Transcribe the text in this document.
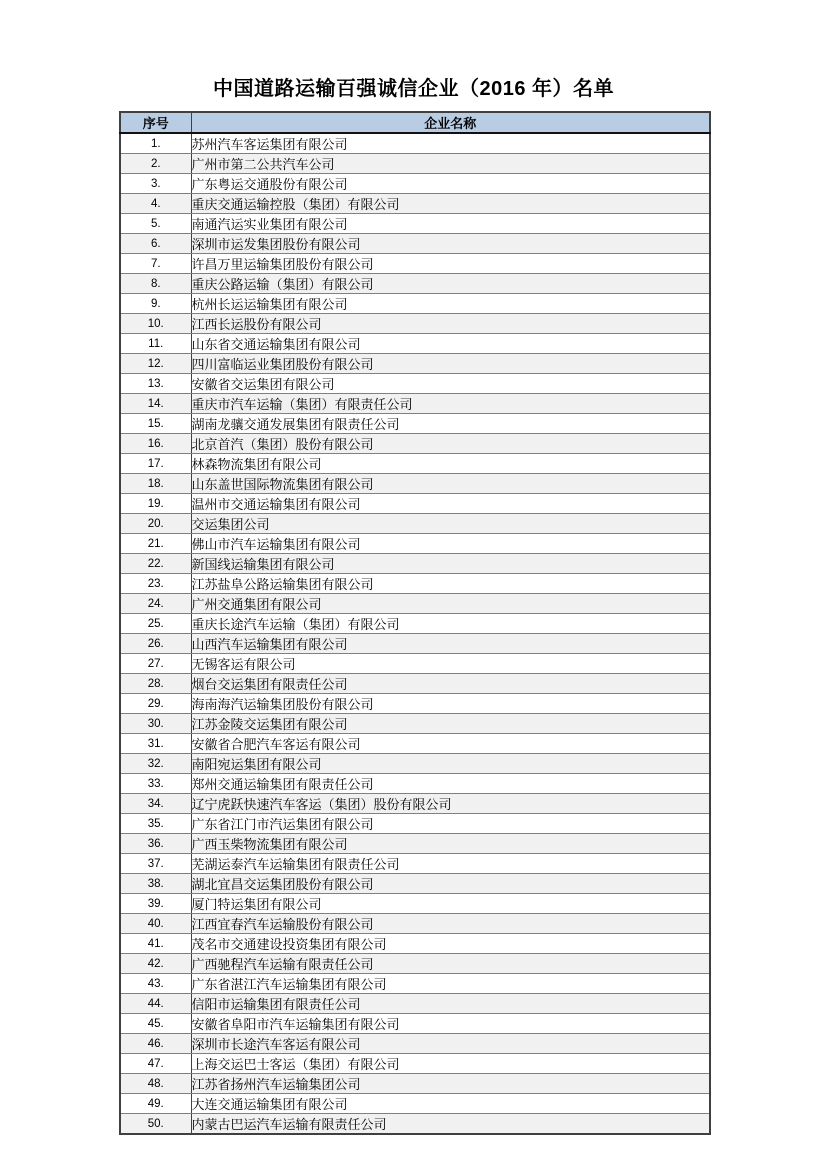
中国道路运输百强诚信企业（2016 年）名单
序号	企业名称
1.	苏州汽车客运集团有限公司
2.	广州市第二公共汽车公司
3.	广东粤运交通股份有限公司
4.	重庆交通运输控股（集团）有限公司
5.	南通汽运实业集团有限公司
6.	深圳市运发集团股份有限公司
7.	许昌万里运输集团股份有限公司
8.	重庆公路运输（集团）有限公司
9.	杭州长运运输集团有限公司
10.	江西长运股份有限公司
11.	山东省交通运输集团有限公司
12.	四川富临运业集团股份有限公司
13.	安徽省交运集团有限公司
14.	重庆市汽车运输（集团）有限责任公司
15.	湖南龙骧交通发展集团有限责任公司
16.	北京首汽（集团）股份有限公司
17.	林森物流集团有限公司
18.	山东盖世国际物流集团有限公司
19.	温州市交通运输集团有限公司
20.	交运集团公司
21.	佛山市汽车运输集团有限公司
22.	新国线运输集团有限公司
23.	江苏盐阜公路运输集团有限公司
24.	广州交通集团有限公司
25.	重庆长途汽车运输（集团）有限公司
26.	山西汽车运输集团有限公司
27.	无锡客运有限公司
28.	烟台交运集团有限责任公司
29.	海南海汽运输集团股份有限公司
30.	江苏金陵交运集团有限公司
31.	安徽省合肥汽车客运有限公司
32.	南阳宛运集团有限公司
33.	郑州交通运输集团有限责任公司
34.	辽宁虎跃快速汽车客运（集团）股份有限公司
35.	广东省江门市汽运集团有限公司
36.	广西玉柴物流集团有限公司
37.	芜湖运泰汽车运输集团有限责任公司
38.	湖北宜昌交运集团股份有限公司
39.	厦门特运集团有限公司
40.	江西宜春汽车运输股份有限公司
41.	茂名市交通建设投资集团有限公司
42.	广西驰程汽车运输有限责任公司
43.	广东省湛江汽车运输集团有限公司
44.	信阳市运输集团有限责任公司
45.	安徽省阜阳市汽车运输集团有限公司
46.	深圳市长途汽车客运有限公司
47.	上海交运巴士客运（集团）有限公司
48.	江苏省扬州汽车运输集团公司
49.	大连交通运输集团有限公司
50.	内蒙古巴运汽车运输有限责任公司
